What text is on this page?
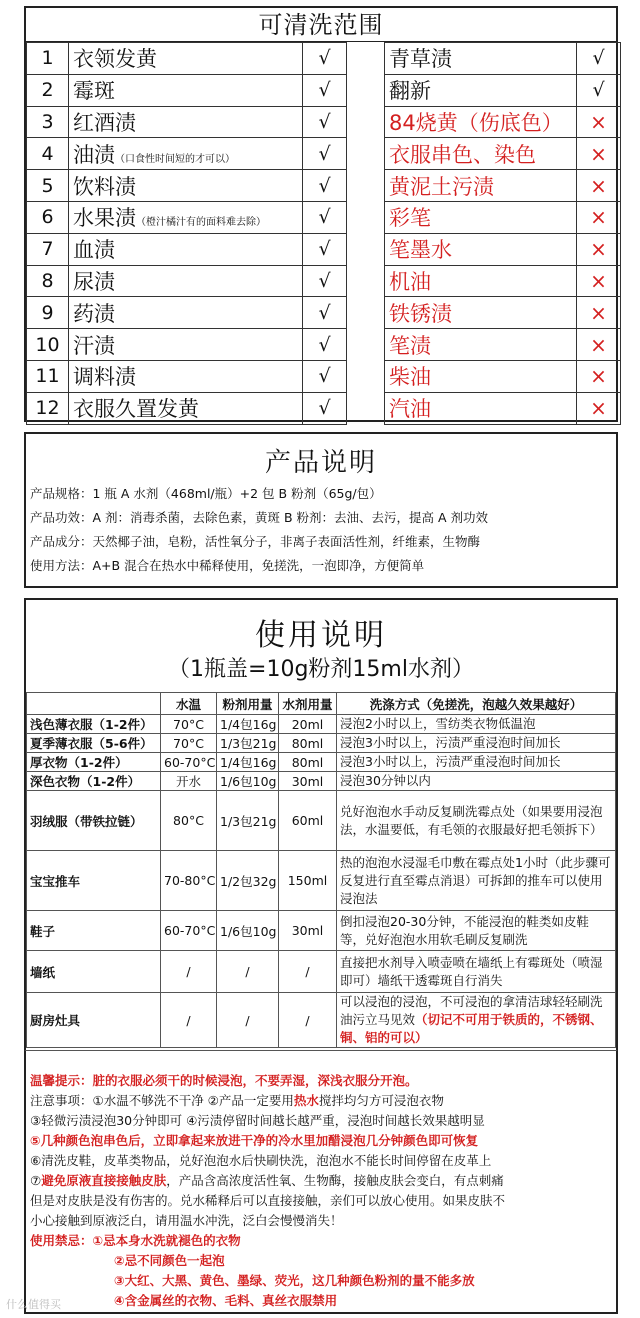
可清洗范围
1	衣领发黄	√		青草渍	√
2	霉斑	√		翻新	√
3	红酒渍	√		84烧黄（伤底色）	×
4	油渍（口食性时间短的才可以）	√		衣服串色、染色	×
5	饮料渍	√		黄泥土污渍	×
6	水果渍（橙汁橘汁有的面料难去除）	√		彩笔	×
7	血渍	√		笔墨水	×
8	尿渍	√		机油	×
9	药渍	√		铁锈渍	×
10	汗渍	√		笔渍	×
11	调料渍	√		柴油	×
12	衣服久置发黄	√		汽油	×
产品说明
产品规格：1 瓶 A 水剂（468ml/瓶）+2 包 B 粉剂（65g/包）
产品功效：A 剂：消毒杀菌，去除色素，黄斑 B 粉剂：去油、去污，提高 A 剂功效
产品成分：天然椰子油，皂粉，活性氧分子，非离子表面活性剂，纤维素，生物酶
使用方法：A+B 混合在热水中稀释使用，免搓洗，一泡即净，方便简单
使用说明
（1瓶盖=10g粉剂15ml水剂）
	水温	粉剂用量	水剂用量	洗涤方式（免搓洗，泡越久效果越好）
浅色薄衣服（1-2件）	70°C	1/4包16g	20ml	浸泡2小时以上，雪纺类衣物低温泡
夏季薄衣服（5-6件）	70°C	1/3包21g	80ml	浸泡3小时以上，污渍严重浸泡时间加长
厚衣物（1-2件）	60-70°C	1/4包16g	80ml	浸泡3小时以上，污渍严重浸泡时间加长
深色衣物（1-2件）	开水	1/6包10g	30ml	浸泡30分钟以内
羽绒服（带铁拉链）	80°C	1/3包21g	60ml	兑好泡泡水手动反复刷洗霉点处（如果要用浸泡法，水温要低，有毛领的衣服最好把毛领拆下）
宝宝推车	70-80°C	1/2包32g	150ml	热的泡泡水浸湿毛巾敷在霉点处1小时（此步骤可反复进行直至霉点消退）可拆卸的推车可以使用浸泡法
鞋子	60-70°C	1/6包10g	30ml	倒扣浸泡20-30分钟，不能浸泡的鞋类如皮鞋等，兑好泡泡水用软毛刷反复刷洗
墙纸	/	/	/	直接把水剂导入喷壶喷在墙纸上有霉斑处（喷湿即可）墙纸干透霉斑自行消失
厨房灶具	/	/	/	可以浸泡的浸泡，不可浸泡的拿清洁球轻轻刷洗油污立马见效（切记不可用于铁质的，不锈钢、铜、铝的可以）
温馨提示：脏的衣服必须干的时候浸泡，不要弄湿，深浅衣服分开泡。
注意事项：①水温不够洗不干净 ②产品一定要用热水搅拌均匀方可浸泡衣物
③轻微污渍浸泡30分钟即可 ④污渍停留时间越长越严重，浸泡时间越长效果越明显
⑤几种颜色泡串色后，立即拿起来放进干净的冷水里加醋浸泡几分钟颜色即可恢复
⑥清洗皮鞋，皮革类物品，兑好泡泡水后快刷快洗，泡泡水不能长时间停留在皮革上
⑦避免原液直接接触皮肤，产品含高浓度活性氧、生物酶，接触皮肤会变白，有点刺痛
但是对皮肤是没有伤害的。兑水稀释后可以直接接触，亲们可以放心使用。如果皮肤不
小心接触到原液泛白，请用温水冲洗，泛白会慢慢消失！
使用禁忌：①忌本身水洗就褪色的衣物
②忌不同颜色一起泡
③大红、大黑、黄色、墨绿、荧光，这几种颜色粉剂的量不能多放
④含金属丝的衣物、毛料、真丝衣服禁用
什么值得买
